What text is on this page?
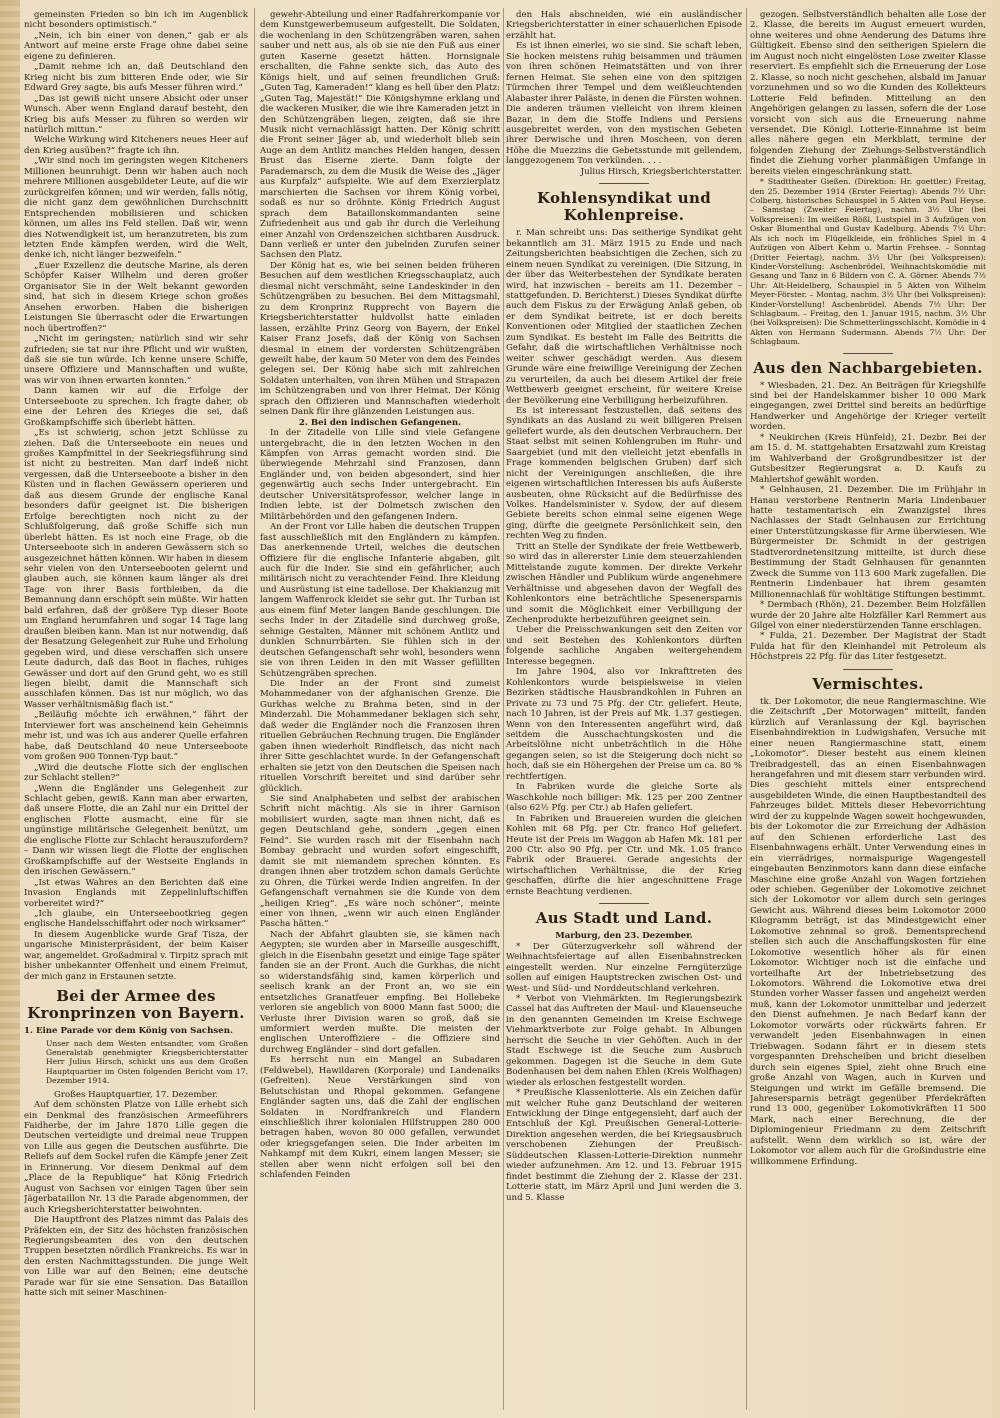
gemeinsten Frieden so bin ich im Augenblick nicht besonders optimistisch.“

„Nein, ich bin einer von denen,“ gab er als Antwort auf meine erste Frage ohne dabei seine eigene zu definieren.

„Damit nehme ich an, daß Deutschland den Krieg nicht bis zum bitteren Ende oder, wie Sir Edward Grey sagte, bis aufs Messer führen wird.“

„Das ist gewiß nicht unsere Absicht oder unser Wunsch. Aber wenn England darauf besteht, den Krieg bis aufs Messer zu führen so werden wir natürlich mittun.“

Welche Wirkung wird Kitcheners neues Heer auf den Krieg ausüben?“ fragte ich ihn.

„Wir sind noch im geringsten wegen Kitcheners Millionen beunruhigt. Denn wir haben auch noch mehrere Millionen ausgebildeter Leute, auf die wir zurückgreifen können; und wir werden, falls nötig, die nicht ganz dem gewöhnlichen Durchschnitt Entsprechenden mobilisieren und schicken können, um alles ins Feld stellen. Daß wir, wenn dies Notwendigkeit ist, um heranzutreten, bis zum letzten Ende kämpfen werden, wird die Welt, denke ich, nicht länger bezweifeln.“

„Euer Exzellenz die deutsche Marine, als deren Schöpfer Kaiser Wilhelm und deren großer Organisator Sie in der Welt bekannt geworden sind, hat sich in diesem Kriege schon großes Ansehen erworben. Haben die bisherigen Leistungen Sie überrascht oder die Erwartungen noch übertroffen?“

„Nicht im geringsten; natürlich sind wir sehr zufrieden; sie tat nur ihre Pflicht und wir wußten, daß sie sie tun würde. Ich kenne unsere Schiffe, unsere Offiziere und Mannschaften und wußte, was wir von ihnen erwarten konnten.“

Dann kamen wir auf die Erfolge der Unterseeboote zu sprechen. Ich fragte daher, ob eine der Lehren des Krieges die sei, daß Großkampfschiffe sich überlebt hätten.

„Es ist schwierig, schon jetzt Schlüsse zu ziehen. Daß die Unterseeboote ein neues und großes Kampfmittel in der Seekriegsführung sind ist nicht zu bestreiten. Man darf indeß nicht vergessen, daß die Unterseeboote a bisher in den Küsten und in flachen Gewässern operieren und daß aus diesem Grunde der englische Kanal besonders dafür geeignet ist. Die bisherigen Erfolge berechtigten noch nicht zu der Schlußfolgerung, daß große Schiffe sich nun überlebt hätten. Es ist noch eine Frage, ob die Unterseeboote sich in anderen Gewässern sich so ausgezeichnet hätten können. Wir haben in diesem sehr vielen von den Unterseebooten gelernt und glauben auch, sie können kaum länger als drei Tage von ihrer Basis fortbleiben, da die Bemannung dann erschöpft sein müßte. Wir hatten bald erfahren, daß der größere Typ dieser Boote um England herumfahren und sogar 14 Tage lang draußen bleiben kann. Man ist nur notwendig, daß der Besatzung Gelegenheit zur Ruhe und Erholung gegeben wird, und diese verschaffen sich unsere Leute dadurch, daß das Boot in flaches, ruhiges Gewässer und dort auf den Grund geht, wo es still liegen bleibt, damit die Mannschaft sich ausschlafen können. Das ist nur möglich, wo das Wasser verhältnismäßig flach ist.“

„Beiläufig möchte ich erwähnen,“ fährt der Interviewer fort was anscheinend kein Geheimnis mehr ist, und was ich aus anderer Quelle erfahren habe, daß Deutschland 40 neue Unterseeboote vom großen 900 Tonnen-Typ baut.“

„Wird die deutsche Flotte sich der englischen zur Schlacht stellen?“

„Wenn die Engländer uns Gelegenheit zur Schlacht geben, gewiß. Kann man aber erwarten, daß unsere Flotte, die an Zahl nur ein Drittel der englischen Flotte ausmacht, eine für sie ungünstige militärische Gelegenheit benützt, um die englische Flotte zur Schlacht herauszufordern? – Dann wir wissen liegt die Flotte der englischen Großkampfschiffe auf der Westseite Englands in den irischen Gewässern.“

„Ist etwas Wahres an den Berichten daß eine Invasion Englands mit Zeppelinluftschiffen vorbereitet wird?“

„Ich glaube, ein Unterseebootkrieg gegen englische Handelsschiffahrt oder noch wirksamer“

In diesem Augenblicke wurde Graf Tisza, der ungarische Ministerpräsident, der beim Kaiser war, angemeldet. Großadmiral v. Tirpitz sprach mit bisher unbekannter Offenheit und einem Freimut, der mich ganz in Erstaunen setzte.

Bei der Armee des Kronprinzen von Bayern.

1. Eine Parade vor dem König von Sachsen.

Unser nach dem Westen entsandter, vom Großen Generalstab genehmigter Kriegsberichterstatter Herr Julius Hirsch, schickt uns aus dem Großen Hauptquartier im Osten folgenden Bericht vom 17. Dezember 1914.

Großes Hauptquartier, 17. Dezember.

Auf dem schönsten Platze von Lille erhebt sich ein Denkmal des französischen Armeeführers Faidherbe, der im Jahre 1870 Lille gegen die Deutschen verteidigte und dreimal neue Truppen von Lille aus gegen die Deutschen ausführte. Die Reliefs auf dem Sockel rufen die Kämpfe jener Zeit in Erinnerung. Vor diesem Denkmal auf dem „Place de la Republique“ hat König Friedrich August von Sachsen vor einigen Tagen über sein Jägerbataillon Nr. 13 die Parade abgenommen, der auch Kriegsberichterstatter beiwohnten.

Die Hauptfront des Platzes nimmt das Palais des Präfekten ein, der Sitz des höchsten französischen Regierungsbeamten des von den deutschen Truppen besetzten nördlich Frankreichs. Es war in den ersten Nachmittagsstunden. Die junge Welt von Lille war auf den Beinen; eine deutsche Parade war für sie eine Sensation. Das Bataillon hatte sich mit seiner Maschinen-

gewehr-Abteilung und einer Radfahrerkompanie vor dem Kunstgewerbemuseum aufgestellt. Die Soldaten, die wochenlang in den Schützengräben waren, sahen sauber und nett aus, als ob sie nie den Fuß aus einer guten Kaserne gesetzt hätten. Hornsignale erschallten, die Fahne senkte sich, das Auto des Königs hielt, und auf seinen freundlichen Gruß: „Guten Tag, Kameraden!“ klang es hell über den Platz: „Guten Tag, Majestät!“ Die Königshymne erklang und die wackeren Musiker, die wie ihre Kameraden jetzt in den Schützengräben liegen, zeigten, daß sie ihre Musik nicht vernachlässigt hatten. Der König schritt die Front seiner Jäger ab, und wiederholt blieb sein Auge an dem Antlitz manches Helden hangen, dessen Brust das Eiserne zierte. Dann folgte der Parademarsch, zu dem die Musik die Weise des „Jäger aus Kurpfalz“ aufspielte. Wie auf dem Exerzierplatz marschierten die Sachsen vor ihrem König vorbei, sodaß es nur so dröhnte. König Friedrich August sprach dem Bataillonskommandanten seine Zufriedenheit aus und gab ihr durch die Verleihung einer Anzahl von Ordenszeichen sichtbaren Ausdruck. Dann verließ er unter den jubelnden Zurufen seiner Sachsen den Platz.

Der König hat es, wie bei seinen beiden früheren Besuchen auf dem westlichen Kriegsschauplatz, auch diesmal nicht verschmäht, seine Landeskinder in den Schützengräben zu besuchen. Bei dem Mittagsmahl, zu dem Kronprinz Rupprecht von Bayern die Kriegsberichterstatter huldvollst hatte einladen lassen, erzählte Prinz Georg von Bayern, der Enkel Kaiser Franz Josefs, daß der König von Sachsen diesmal in einem der vordersten Schützengräben geweilt habe, der kaum 50 Meter von dem des Feindes gelegen sei. Der König habe sich mit zahlreichen Soldaten unterhalten, von ihren Mühen und Strapazen im Schützengraben und von ihrer Heimat. Der König sprach den Offizieren und Mannschaften wiederholt seinen Dank für ihre glänzenden Leistungen aus.

2. Bei den indischen Gefangenen.

In der Zitadelle von Lille sind viele Gefangene untergebracht, die in den letzten Wochen in den Kämpfen von Arras gemacht worden sind. Die überwiegende Mehrzahl sind Franzosen, dann Engländer und, von beiden abgesondert, sind hier gegenwärtig auch sechs Inder untergebracht. Ein deutscher Universitätsprofessor, welcher lange in Indien lebte, ist der Dolmetsch zwischen den Militärbehörden und den gefangenen Indern.

An der Front vor Lille haben die deutschen Truppen fast ausschließlich mit den Engländern zu kämpfen. Das anerkennende Urteil, welches die deutschen Offiziere für die englische Infanterie abgaben, gilt auch für die Inder. Sie sind ein gefährlicher, auch militärisch nicht zu verachtender Feind. Ihre Kleidung und Ausrüstung ist eine tadellose. Der Khakianzug mit langem Waffenrock kleidet sie sehr gut. Ihr Turban ist aus einem fünf Meter langen Bande geschlungen. Die sechs Inder in der Zitadelle sind durchweg große, sehnige Gestalten, Männer mit schönem Antlitz und dunklen Schnurrbärten. Sie fühlen sich in der deutschen Gefangenschaft sehr wohl, besonders wenn sie von ihren Leiden in den mit Wasser gefüllten Schützengräben sprechen.

Die Inder an der Front sind zumeist Mohammedaner von der afghanischen Grenze. Die Gurkhas welche zu Brahma beten, sind in der Minderzahl. Die Mohammedaner beklagen sich sehr, daß weder die Engländer noch die Franzosen ihren rituellen Gebräuchen Rechnung trugen. Die Engländer gaben ihnen wiederholt Rindfleisch, das nicht nach ihrer Sitte geschlachtet wurde. In der Gefangenschaft erhalten sie jetzt von den Deutschen die Speisen nach rituellen Vorschrift bereitet und sind darüber sehr glücklich.

Sie sind Analphabeten und selbst der arabischen Schrift nicht mächtig. Als sie in ihrer Garnison mobilisiert wurden, sagte man ihnen nicht, daß es gegen Deutschland gehe, sondern „gegen einen Feind“. Sie wurden rasch mit der Eisenbahn nach Bombay gebracht und wurden sofort eingeschifft, damit sie mit niemandem sprechen könnten. Es drangen ihnen aber trotzdem schon damals Gerüchte zu Ohren, die Türkei werde Indien angreifen. In der Gefangenschaft vernahmen sie die Kunde von dem „heiligen Krieg“. „Es wäre noch schöner“, meinte einer von ihnen, „wenn wir auch einen Engländer Pascha hätten.“

Nach der Abfahrt glaubten sie, sie kämen nach Aegypten; sie wurden aber in Marseille ausgeschifft, gleich in die Eisenbahn gesetzt und einige Tage später fanden sie an der Front. Auch die Gurkhas, die nicht so widerstandsfähig sind, kamen körperlich und seelisch krank an der Front an, wo sie ein entsetzliches Granatfeuer empfing. Bei Hollebeke verloren sie angeblich von 8000 Mann fast 5000; die Verluste ihrer Division waren so groß, daß sie umformiert werden mußte. Die meisten der englischen Unteroffiziere – die Offiziere sind durchweg Engländer – sind dort gefallen.

Es herrscht nun ein Mangel an Subadaren (Feldwebel), Hawildaren (Korporale) und Landenaiks (Gefreiten). Neue Verstärkungen sind von Belutschistan und Rhopal gekommen. Gefangene Engländer sagten uns, daß die Zahl der englischen Soldaten in Nordfrankreich und Flandern einschließlich ihrer kolonialen Hilfstruppen 280 000 betragen haben, wovon 80 000 gefallen, verwundet oder kriegsgefangen seien. Die Inder arbeiten im Nahkampf mit dem Kukri, einem langen Messer; sie stellen aber wenn nicht erfolgen soll bei den schlafenden Feinden

den Hals abschneiden, wie ein ausländischer Kriegsberichterstatter in einer schauerlichen Episode erzählt hat.

Es ist ihnen einerlei, wo sie sind. Sie schaft leben, Sie hocken meistens ruhig beisammen und träumen von ihren schönen Heimatstätten und von ihrer fernen Heimat. Sie sehen eine von den spitzigen Türmchen ihrer Tempel und dem weißleuchtenden Alabaster ihrer Paläste, in denen die Fürsten wohnen. Die anderen träumen vielleicht von ihrem kleinen Bazar, in dem die Stoffe Indiens und Persiens ausgebreitet werden, von den mystischen Gebeten ihrer Derwische und ihren Moscheen, von deren Höhe die Muezzins die Gebetsstunde mit gellendem, langgezogenem Ton verkünden. . . .

Julius Hirsch, Kriegsberichterstatter.

Kohlensyndikat und Kohlenpreise.

r. Man schreibt uns: Das seitherige Syndikat geht bekanntlich am 31. März 1915 zu Ende und nach Zeitungsberichten beabsichtigen die Zechen, sich zu einem neuen Syndikat zu vereinigen. (Die Sitzung, in der über das Weiterbestehen der Syndikate beraten wird, hat inzwischen – bereits am 11. Dezember – stattgefunden. D. Berichterst.) Dieses Syndikat dürfte auch dem Fiskus zu der Erwägung Anlaß geben, ob er dem Syndikat beitrete, ist er doch bereits Konventionen oder Mitglied der staatlichen Zechen zum Syndikat. Es besteht im Falle des Beitritts die Gefahr, daß die wirtschaftlichen Verhältnisse noch weiter schwer geschädigt werden. Aus diesem Grunde wäre eine freiwillige Vereinigung der Zechen zu verurteilen, da auch bei diesem Artikel der freie Wettbewerb geeignet erscheint, für weitere Kreise der Bevölkerung eine Verbilligung herbeizuführen.

Es ist interessant festzustellen, daß seitens des Syndikats an das Ausland zu weit billigeren Preisen geliefert wurde, als den deutschen Verbrauchern. Der Staat selbst mit seinen Kohlengruben im Ruhr- und Saargebiet (und mit den vielleicht jetzt ebenfalls in Frage kommenden belgischen Gruben) darf sich nicht der Vereinigungen anschließen, die ihre eigenen wirtschaftlichen Interessen bis aufs Äußerste ausbeuten, ohne Rücksicht auf die Bedürfnisse des Volkes. Handelsminister v. Sydow, der auf diesem Gebiete bereits schon einmal seine eigenen Wege ging, dürfte die geeignete Persönlichkeit sein, den rechten Weg zu finden.

Tritt an Stelle der Syndikate der freie Wettbewerb, so wird das in allererster Linie dem steuerzahlenden Mittelstande zugute kommen. Der direkte Verkehr zwischen Händler und Publikum würde angenehmere Verhältnisse und abgesehen davon der Wegfall des Kohlenkontors eine beträchtliche Spesenersparnis und somit die Möglichkeit einer Verbilligung der Zechenprodukte herbeizuführen geeignet sein.

Ueber die Preisschwankungen seit den Zeiten vor und seit Bestehen des Kohlenkontors dürften folgende sachliche Angaben weitergehendem Interesse begegnen.

Im Jahre 1904, also vor Inkrafttreten des Kohlenkontors wurde beispielsweise in vielen Bezirken städtische Hausbrandkohlen in Fuhren an Private zu 73 und 75 Pfg. der Ctr. geliefert. Heute, nach 10 Jahren, ist der Preis auf Mk. 1.37 gestiegen. Wenn von den Interessenten angeführt wird, daß seitdem die Ausschachtungskosten und die Arbeitslöhne nicht unbeträchtlich in die Höhe gegangen seien, so ist die Steigerung doch nicht so hoch, daß sie ein Höhergehen der Preise um ca. 80 % rechtfertigen.

In Fabriken wurde die gleiche Sorte als Waschkohle noch billiger: Mk. 125 per 200 Zentner (also 62½ Pfg. per Ctr.) ab Hafen geliefert.

In Fabriken und Brauereien wurden die gleichen Kohlen mit 68 Pfg. per Ctr. franco Hof geliefert. Heute ist der Preis im Waggon ab Hafen Mk. 181 per 200 Ctr. also 90 Pfg. per Ctr. und Mk. 1.05 franco Fabrik oder Brauerei. Gerade angesichts der wirtschaftlichen Verhältnisse, die der Krieg geschaffen, dürfte die hier angeschnittene Frage ernste Beachtung verdienen.

Aus Stadt und Land.

Marburg, den 23. Dezember.

* Der Güterzugverkehr soll während der Weihnachtsfeiertage auf allen Eisenbahnstrecken eingestellt werden. Nur einzelne Ferngüterzüge sollen auf einigen Hauptstrecken zwischen Ost- und West- und Süd- und Norddeutschland verkehren.

* Verbot von Viehmärkten. Im Regierungsbezirk Cassel hat das Auftreten der Maul- und Klauenseuche in den genannten Gemeinden im Kreise Eschwege Viehmarktverbote zur Folge gehabt. In Albungen herrscht die Seuche in vier Gehöften. Auch in der Stadt Eschwege ist die Seuche zum Ausbruch gekommen. Dagegen ist die Seuche in dem Gute Bodenhausen bei dem nahen Ehlen (Kreis Wolfhagen) wieder als erloschen festgestellt worden.

* Preußische Klassenlotterie. Als ein Zeichen dafür mit welcher Ruhe ganz Deutschland der weiteren Entwicklung der Dinge entgegensieht, darf auch der Entschluß der Kgl. Preußischen General-Lotterie-Direktion angesehen werden, die bei Kriegsausbruch verschobenen Ziehungen der Preußisch-Süddeutschen Klassen-Lotterie-Direktion nunmehr wieder aufzunehmen. Am 12. und 13. Februar 1915 findet bestimmt die Ziehung der 2. Klasse der 231. Lotterie statt, im März April und Juni werden die 3. und 5. Klasse

gezogen. Selbstverständlich behalten alle Lose der 2. Klasse, die bereits im August erneuert wurden, ohne weiteres und ohne Aenderung des Datums ihre Gültigkeit. Ebenso sind den seitherigen Spielern die im August noch nicht eingelösten Lose zweiter Klasse reserviert. Es empfiehlt sich die Erneuerung der Lose 2. Klasse, so noch nicht geschehen, alsbald im Januar vorzunehmen und so wo die Kunden des Kollekteurs Lotterie Feld befinden. Mitteilung an den Angehörigen gelangen zu lassen, sofern die der Lose vorsicht von sich aus die Erneuerung nahme versendet. Die Königl. Lotterie-Einnahme ist beim alles nähere gegen ein Merkblatt, termine der folgenden Ziehung der Ziehungs-Selbstverständlich findet die Ziehung vorher planmäßigen Umfange in bereits vielen eingeschränkung statt.

* Stadttheater Gießen. (Direktion: Hr. goettler.) Freitag, den 25. Dezember 1914 (Erster Feiertag): Abends 7½ Uhr: Colberg, historisches Schauspiel in 5 Akten von Paul Heyse. – Samstag (Zweiter Feiertag), nachm. 3½ Uhr (bei Volkspreisen): Im weißen Rößl, Lustspiel in 3 Aufzügen von Oskar Blumenthal und Gustav Kadelburg. Abends 7½ Uhr: Als ich noch im Flügelkleide, ein fröhliches Spiel in 4 Aufzügen von Albert Kehm u. Martin Frehsee. – Sonntag (Dritter Feiertag), nachm. 3½ Uhr (bei Volkspreisen): Kinder-Vorstellung: Aschenbrödel, Weihnachtskomödie mit Gesang und Tanz in 6 Bildern von C. A. Görner. Abends 7½ Uhr: Alt-Heidelberg, Schauspiel in 5 Akten von Wilhelm Meyer-Förster. – Montag, nachm. 3½ Uhr (bei Volkspreisen): Kinder-Vorstellung! Aschenbrödel. Abends 7½ Uhr: Der Schlagbaum. – Freitag, den 1. Januar 1915, nachm. 3½ Uhr (bei Volkspreisen): Die Schmetterlingsschlacht, Komödie in 4 Akten von Hermann Sudermann. Abends 7½ Uhr: Der Schlagbaum.

Aus den Nachbargebieten.

* Wiesbaden, 21. Dez. An Beiträgen für Kriegshilfe sind bei der Handelskammer bisher 10 000 Mark eingegangen, zwei Drittel sind bereits an bedürftige Handwerker und Angehörige der Krieger verteilt worden.

* Neukirchen (Kreis Hünfeld), 21. Dezbr. Bei der am 15. d. M. stattgehabten Ersatzwahl zum Kreistag im Wahlverband der Großgrundbesitzer ist der Gutsbesitzer Regierungsrat a. D. Kaufs zu Mahlertshof gewählt worden.

* Gelnhausen, 21. Dezember. Die im Frühjahr in Hanau verstorbene Rentnerin Maria Lindenbauer hatte testamentarisch ein Zwanzigstel ihres Nachlasses der Stadt Gelnhausen zur Errichtung einer Unterstützungskasse für Arme überwiesen. Wie Bürgermeister Dr. Schmidt in der gestrigen Stadtverordnetensitzung mitteilte, ist durch diese Bestimmung der Stadt Gelnhausen für genannten Zweck die Summe von 113 600 Mark zugefallen. Die Rentnerin Lindenbauer hat ihrem gesamten Millionennachlaß für wohltätige Stiftungen bestimmt.

* Dermbach (Rhön), 21. Dezember. Beim Holzfällen wurde der 20 Jahre alte Holzfäller Karl Remmert aus Gilgel von einer niederstürzenden Tanne erschlagen.

* Fulda, 21. Dezember. Der Magistrat der Stadt Fulda hat für den Kleinhandel mit Petroleum als Höchstpreis 22 Pfg. für das Liter festgesetzt.

Vermischtes.

tk. Der Lokomotor, die neue Rangiermaschine. Wie die Zeitschrift „Der Motorwagen“ mitteilt, fanden kürzlich auf Veranlassung der Kgl. bayrischen Eisenbahndirektion in Ludwigshafen, Versuche mit einer neuen Rangiermaschine statt, einem „Lokomotor“. Dieser besteht aus einem kleinen Treibradgestell, das an einen Eisenbahnwagen herangefahren und mit diesem starr verbunden wird. Dies geschieht mittels einer entsprechend ausgebildeten Winde, die einen Hauptbestandteil des Fahrzeuges bildet. Mittels dieser Hebevorrichtung wird der zu kuppelnde Wagen soweit hochgewunden, bis der Lokomotor die zur Erreichung der Adhäsion auf den Schienen erforderliche Last des Eisenbahnwagens erhält. Unter Verwendung eines in ein vierrädriges, normalspurige Wagengestell eingebauten Benzinmotors kann dann diese einfache Maschine eine große Anzahl von Wagen fortziehen oder schieben. Gegenüber der Lokomotive zeichnet sich der Lokomotor vor allem durch sein geringes Gewicht aus. Während dieses beim Lokomotor 2000 Kilogramm beträgt, ist das Mindestgewicht einer Lokomotive zehnmal so groß. Dementsprechend stellen sich auch die Anschaffungskosten für eine Lokomotive wesentlich höher als für einen Lokomotor. Wichtiger noch ist die einfache und vorteilhafte Art der Inbetriebsetzung des Lokomotors. Während die Lokomotive etwa drei Stunden vorher Wasser fassen und angeheizt werden muß, kann der Lokomotor unmittelbar und jederzeit den Dienst aufnehmen. Je nach Bedarf kann der Lokomotor vorwärts oder rückwärts fahren. Er verwandelt jeden Eisenbahnwagen in einen Triebwagen. Sodann fährt er in diesem stets vorgespannten Drehscheiben und bricht dieselben durch sein eigenes Spiel, zieht ohne Bruch eine große Anzahl von Wagen, auch in Kurven und Steigungen und wirkt im Gefälle bremsend. Die Jahresersparnis beträgt gegenüber Pferdekräften rund 13 000, gegenüber Lokomotivkräften 11 500 Mark, nach einer Berechnung, die der Diplomingenieur Friedmann zu dem Zeitschrift aufstellt. Wenn dem wirklich so ist, wäre der Lokomotor vor allem auch für die Großindustrie eine willkommene Erfindung.
